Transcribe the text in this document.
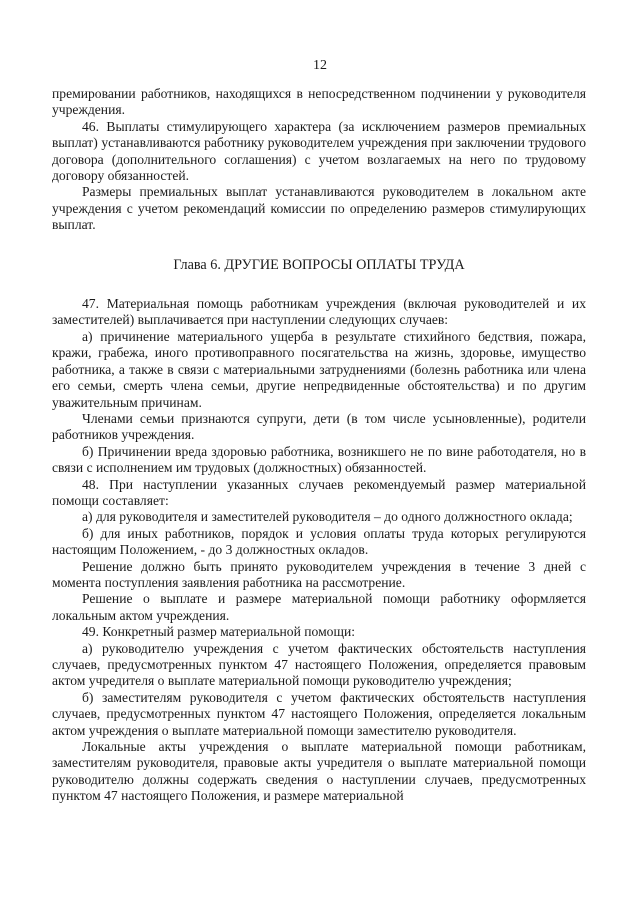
12

премировании работников, находящихся в непосредственном подчинении у руководителя учреждения.

46. Выплаты стимулирующего характера (за исключением размеров премиальных выплат) устанавливаются работнику руководителем учреждения при заключении трудового договора (дополнительного соглашения) с учетом возлагаемых на него по трудовому договору обязанностей.

Размеры премиальных выплат устанавливаются руководителем в локальном акте учреждения с учетом рекомендаций комиссии по определению размеров стимулирующих выплат.

Глава 6. ДРУГИЕ ВОПРОСЫ ОПЛАТЫ ТРУДА

47. Материальная помощь работникам учреждения (включая руководителей и их заместителей) выплачивается при наступлении следующих случаев:

а) причинение материального ущерба в результате стихийного бедствия, пожара, кражи, грабежа, иного противоправного посягательства на жизнь, здоровье, имущество работника, а также в связи с материальными затруднениями (болезнь работника или члена его семьи, смерть члена семьи, другие непредвиденные обстоятельства) и по другим уважительным причинам.

Членами семьи признаются супруги, дети (в том числе усыновленные), родители работников учреждения.

б) Причинении вреда здоровью работника, возникшего не по вине работодателя, но в связи с исполнением им трудовых (должностных) обязанностей.

48. При наступлении указанных случаев рекомендуемый размер материальной помощи составляет:

а) для руководителя и заместителей руководителя – до одного должностного оклада;

б) для иных работников, порядок и условия оплаты труда которых регулируются настоящим Положением, - до 3 должностных окладов.

Решение должно быть принято руководителем учреждения в течение 3 дней с момента поступления заявления работника на рассмотрение.

Решение о выплате и размере материальной помощи работнику оформляется локальным актом учреждения.

49. Конкретный размер материальной помощи:

а) руководителю учреждения с учетом фактических обстоятельств наступления случаев, предусмотренных пунктом 47 настоящего Положения, определяется правовым актом учредителя о выплате материальной помощи руководителю учреждения;

б) заместителям руководителя с учетом фактических обстоятельств наступления случаев, предусмотренных пунктом 47 настоящего Положения, определяется локальным актом учреждения о выплате материальной помощи заместителю руководителя.

Локальные акты учреждения о выплате материальной помощи работникам, заместителям руководителя, правовые акты учредителя о выплате материальной помощи руководителю должны содержать сведения о наступлении случаев, предусмотренных пунктом 47 настоящего Положения, и размере материальной
